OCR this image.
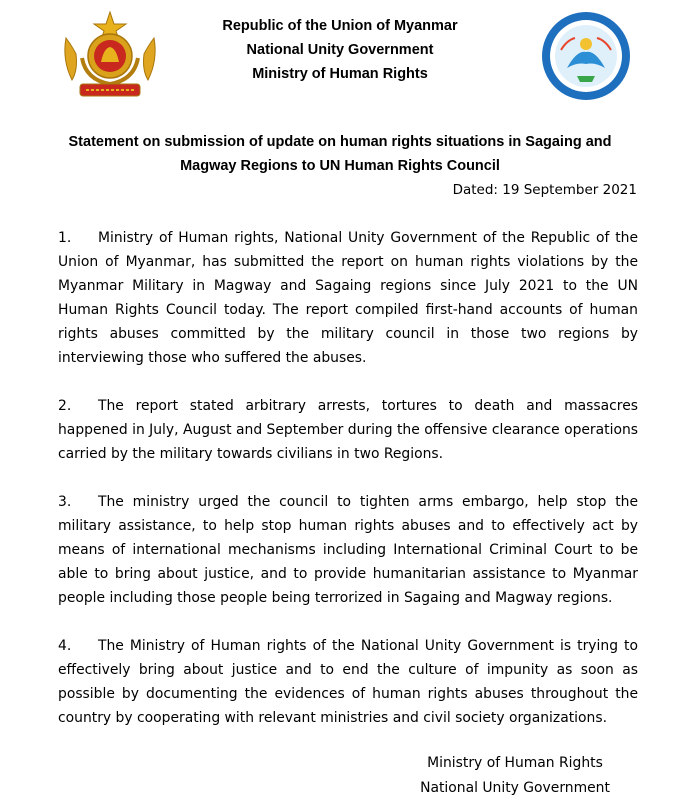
Republic of the Union of Myanmar
National Unity Government
Ministry of Human Rights
Statement on submission of update on human rights situations in Sagaing and Magway Regions to UN Human Rights Council
Dated: 19 September 2021

1. Ministry of Human rights, National Unity Government of the Republic of the Union of Myanmar, has submitted the report on human rights violations by the Myanmar Military in Magway and Sagaing regions since July 2021 to the UN Human Rights Council today. The report compiled first-hand accounts of human rights abuses committed by the military council in those two regions by interviewing those who suffered the abuses.

2. The report stated arbitrary arrests, tortures to death and massacres happened in July, August and September during the offensive clearance operations carried by the military towards civilians in two Regions.

3. The ministry urged the council to tighten arms embargo, help stop the military assistance, to help stop human rights abuses and to effectively act by means of international mechanisms including International Criminal Court to be able to bring about justice, and to provide humanitarian assistance to Myanmar people including those people being terrorized in Sagaing and Magway regions.

4. The Ministry of Human rights of the National Unity Government is trying to effectively bring about justice and to end the culture of impunity as soon as possible by documenting the evidences of human rights abuses throughout the country by cooperating with relevant ministries and civil society organizations.

Ministry of Human Rights
National Unity Government
